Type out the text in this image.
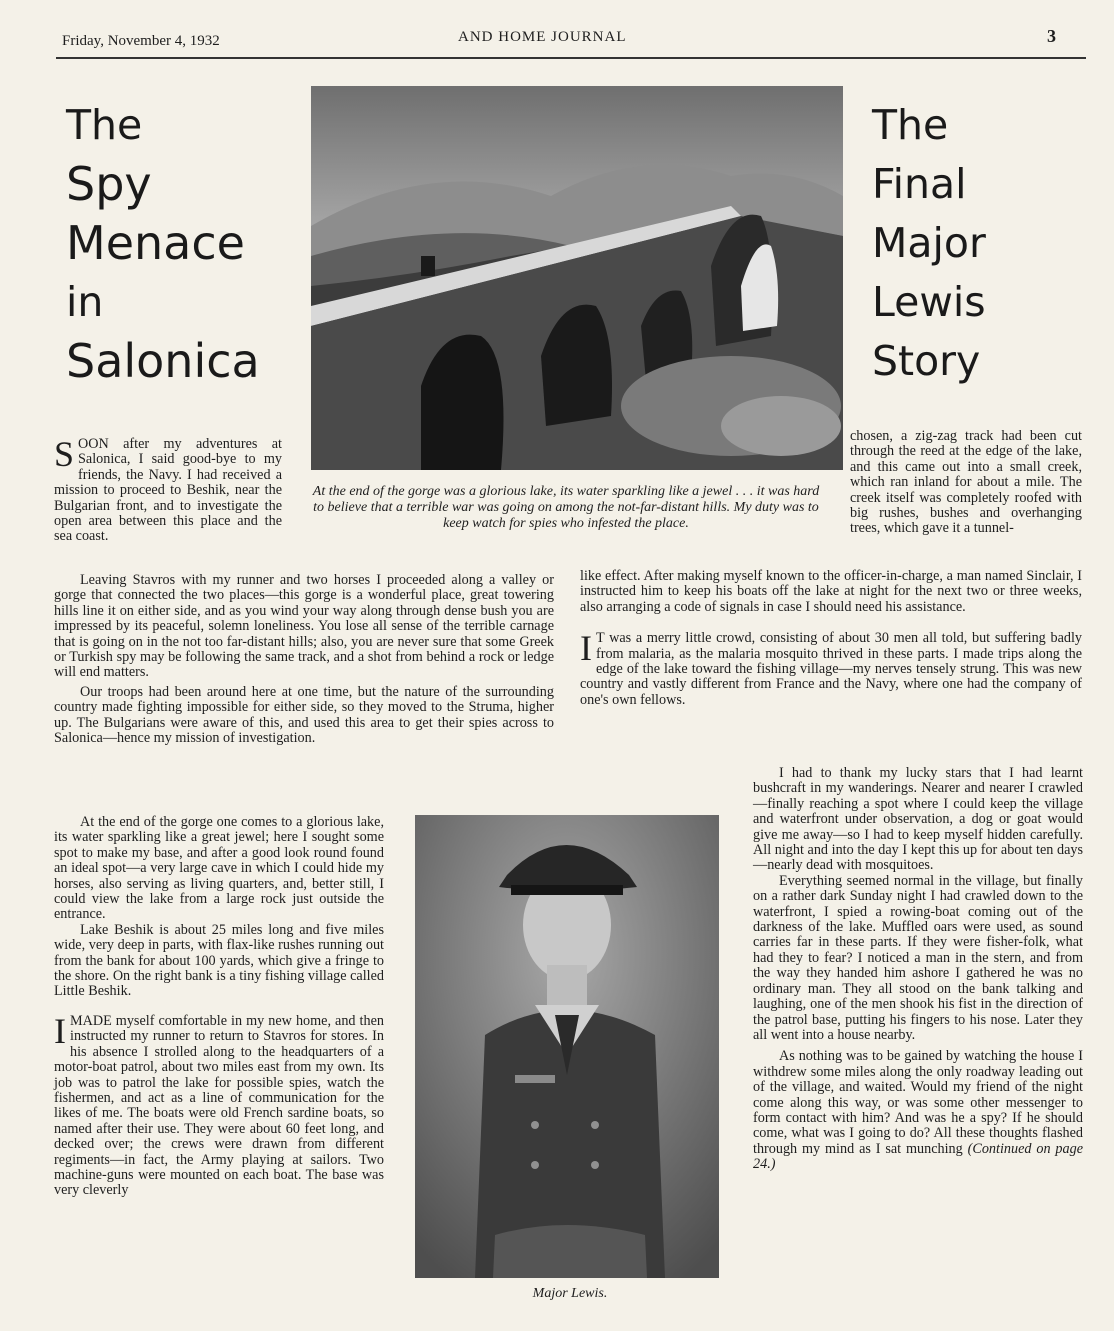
Friday, November 4, 1932	AND HOME JOURNAL	3
The
Spy
Menace
in
Salonica
The
Final
Major
Lewis
Story
At the end of the gorge was a glorious lake, its water sparkling like a jewel . . . it was hard to believe that a terrible war was going on among the not-far-distant hills. My duty was to keep watch for spies who infested the place.

SOON after my adventures at Salonica, I said good-bye to my friends, the Navy. I had received a mission to proceed to Beshik, near the Bulgarian front, and to investigate the open area between this place and the sea coast.

Leaving Stavros with my runner and two horses I proceeded along a valley or gorge that connected the two places—this gorge is a wonderful place, great towering hills line it on either side, and as you wind your way along through dense bush you are impressed by its peaceful, solemn loneliness. You lose all sense of the terrible carnage that is going on in the not too far-distant hills; also, you are never sure that some Greek or Turkish spy may be following the same track, and a shot from behind a rock or ledge will end matters.

Our troops had been around here at one time, but the nature of the surrounding country made fighting impossible for either side, so they moved to the Struma, higher up. The Bulgarians were aware of this, and used this area to get their spies across to Salonica—hence my mission of investigation.

At the end of the gorge one comes to a glorious lake, its water sparkling like a great jewel; here I sought some spot to make my base, and after a good look round found an ideal spot—a very large cave in which I could hide my horses, also serving as living quarters, and, better still, I could view the lake from a large rock just outside the entrance.

Lake Beshik is about 25 miles long and five miles wide, very deep in parts, with flax-like rushes running out from the bank for about 100 yards, which give a fringe to the shore. On the right bank is a tiny fishing village called Little Beshik.

IMADE myself comfortable in my new home, and then instructed my runner to return to Stavros for stores. In his absence I strolled along to the headquarters of a motor-boat patrol, about two miles east from my own. Its job was to patrol the lake for possible spies, watch the fishermen, and act as a line of communication for the likes of me. The boats were old French sardine boats, so named after their use. They were about 60 feet long, and decked over; the crews were drawn from different regiments—in fact, the Army playing at sailors. Two machine-guns were mounted on each boat. The base was very cleverly

Major Lewis.

chosen, a zig-zag track had been cut through the reed at the edge of the lake, and this came out into a small creek, which ran inland for about a mile. The creek itself was completely roofed with big rushes, bushes and overhanging trees, which gave it a tunnel-

like effect. After making myself known to the officer-in-charge, a man named Sinclair, I instructed him to keep his boats off the lake at night for the next two or three weeks, also arranging a code of signals in case I should need his assistance.

I T was a merry little crowd, consisting of about 30 men all told, but suffering badly from malaria, as the malaria mosquito thrived in these parts. I made trips along the edge of the lake toward the fishing village—my nerves tensely strung. This was new country and vastly different from France and the Navy, where one had the company of one's own fellows.

I had to thank my lucky stars that I had learnt bushcraft in my wanderings. Nearer and nearer I crawled—finally reaching a spot where I could keep the village and waterfront under observation, a dog or goat would give me away—so I had to keep myself hidden carefully. All night and into the day I kept this up for about ten days—nearly dead with mosquitoes.

Everything seemed normal in the village, but finally on a rather dark Sunday night I had crawled down to the waterfront, I spied a rowing-boat coming out of the darkness of the lake. Muffled oars were used, as sound carries far in these parts. If they were fisher-folk, what had they to fear? I noticed a man in the stern, and from the way they handed him ashore I gathered he was no ordinary man. They all stood on the bank talking and laughing, one of the men shook his fist in the direction of the patrol base, putting his fingers to his nose. Later they all went into a house nearby.

As nothing was to be gained by watching the house I withdrew some miles along the only roadway leading out of the village, and waited. Would my friend of the night come along this way, or was some other messenger to form contact with him? And was he a spy? If he should come, what was I going to do? All these thoughts flashed through my mind as I sat munching (Continued on page 24.)
